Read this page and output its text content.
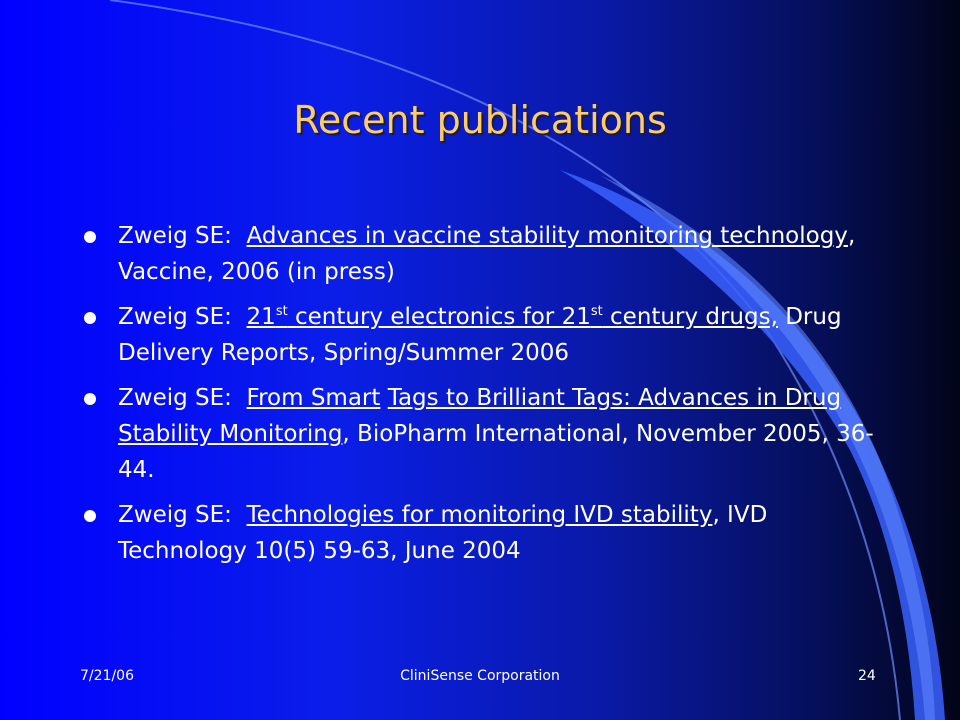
Recent publications
Zweig SE: Advances in vaccine stability monitoring technology, Vaccine, 2006 (in press)
Zweig SE: 21st century electronics for 21st century drugs, Drug Delivery Reports, Spring/Summer 2006
Zweig SE: From Smart Tags to Brilliant Tags: Advances in Drug Stability Monitoring, BioPharm International, November 2005, 36-44.
Zweig SE: Technologies for monitoring IVD stability, IVD Technology 10(5) 59-63, June 2004
7/21/06	CliniSense Corporation	24
